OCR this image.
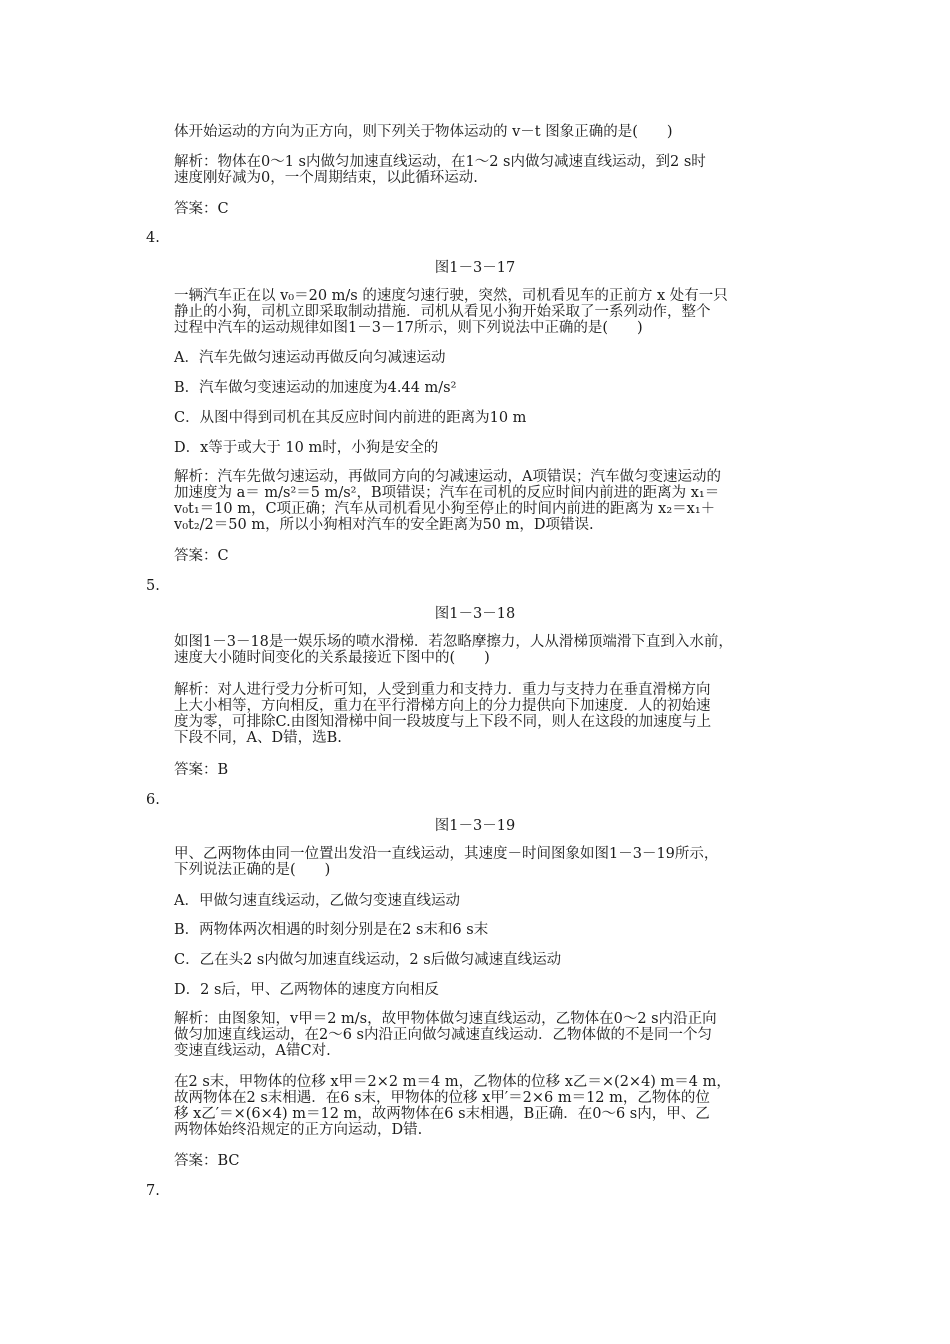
体开始运动的方向为正方向，则下列关于物体运动的 v－t 图象正确的是(　　)
解析：物体在0～1 s内做匀加速直线运动，在1～2 s内做匀减速直线运动，到2 s时
速度刚好减为0，一个周期结束，以此循环运动.
答案：C
4.
图1－3－17
一辆汽车正在以 v₀＝20 m/s 的速度匀速行驶，突然，司机看见车的正前方 x 处有一只
静止的小狗，司机立即采取制动措施．司机从看见小狗开始采取了一系列动作，整个
过程中汽车的运动规律如图1－3－17所示，则下列说法中正确的是(　　)
A．汽车先做匀速运动再做反向匀减速运动
B．汽车做匀变速运动的加速度为4.44 m/s²
C．从图中得到司机在其反应时间内前进的距离为10 m
D．x等于或大于 10 m时，小狗是安全的
解析：汽车先做匀速运动，再做同方向的匀减速运动，A项错误；汽车做匀变速运动的
加速度为 a＝ m/s²＝5 m/s²，B项错误；汽车在司机的反应时间内前进的距离为 x₁＝
v₀t₁＝10 m，C项正确；汽车从司机看见小狗至停止的时间内前进的距离为 x₂＝x₁＋
v₀t₂/2＝50 m，所以小狗相对汽车的安全距离为50 m，D项错误.
答案：C
5.
图1－3－18
如图1－3－18是一娱乐场的喷水滑梯．若忽略摩擦力，人从滑梯顶端滑下直到入水前，
速度大小随时间变化的关系最接近下图中的(　　)
解析：对人进行受力分析可知，人受到重力和支持力．重力与支持力在垂直滑梯方向
上大小相等，方向相反，重力在平行滑梯方向上的分力提供向下加速度．人的初始速
度为零，可排除C.由图知滑梯中间一段坡度与上下段不同，则人在这段的加速度与上
下段不同，A、D错，选B.
答案：B
6.
图1－3－19
甲、乙两物体由同一位置出发沿一直线运动，其速度－时间图象如图1－3－19所示，
下列说法正确的是(　　)
A．甲做匀速直线运动，乙做匀变速直线运动
B．两物体两次相遇的时刻分别是在2 s末和6 s末
C．乙在头2 s内做匀加速直线运动，2 s后做匀减速直线运动
D．2 s后，甲、乙两物体的速度方向相反
解析：由图象知，v甲＝2 m/s，故甲物体做匀速直线运动，乙物体在0～2 s内沿正向
做匀加速直线运动，在2～6 s内沿正向做匀减速直线运动．乙物体做的不是同一个匀
变速直线运动，A错C对.
在2 s末，甲物体的位移 x甲＝2×2 m＝4 m，乙物体的位移 x乙＝×(2×4) m＝4 m，
故两物体在2 s末相遇．在6 s末，甲物体的位移 x甲′＝2×6 m＝12 m，乙物体的位
移 x乙′＝×(6×4) m＝12 m，故两物体在6 s末相遇，B正确．在0～6 s内，甲、乙
两物体始终沿规定的正方向运动，D错.
答案：BC
7.
